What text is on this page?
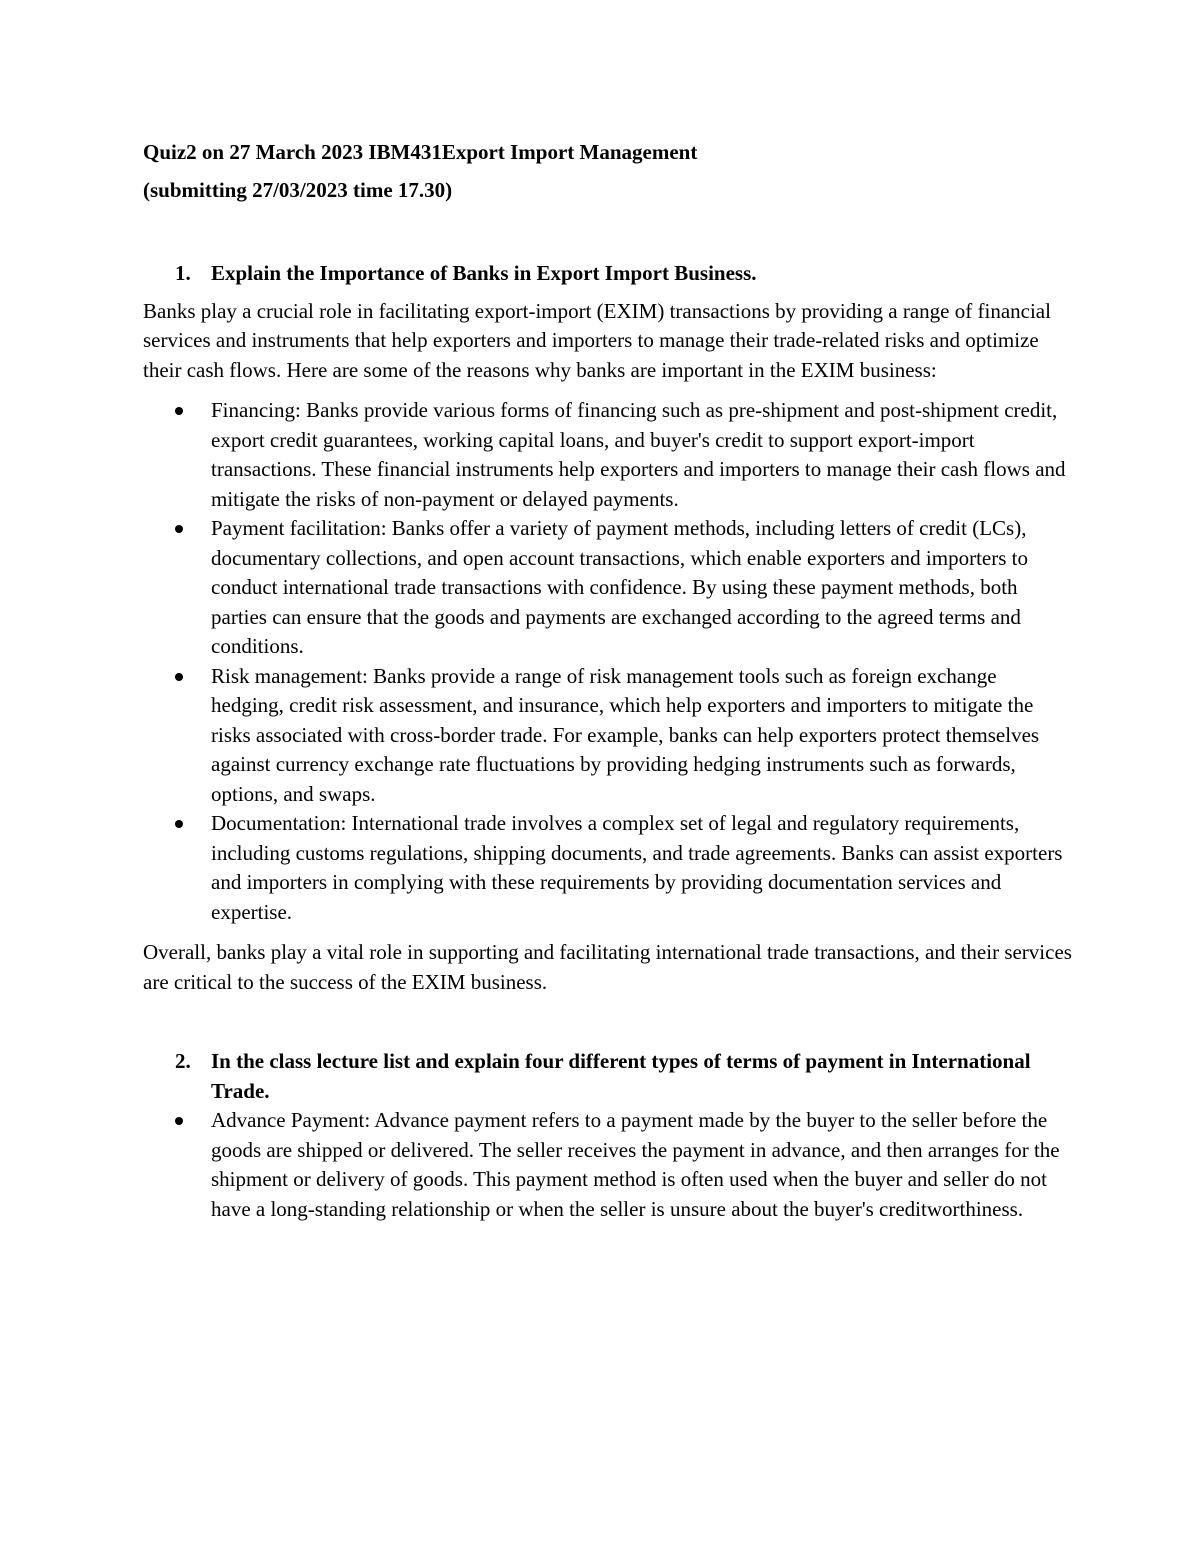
Quiz2 on 27 March 2023 IBM431Export Import Management

(submitting 27/03/2023 time 17.30)

1. Explain the Importance of Banks in Export Import Business.

Banks play a crucial role in facilitating export-import (EXIM) transactions by providing a range of financial services and instruments that help exporters and importers to manage their trade-related risks and optimize their cash flows. Here are some of the reasons why banks are important in the EXIM business:

Financing: Banks provide various forms of financing such as pre-shipment and post-shipment credit, export credit guarantees, working capital loans, and buyer's credit to support export-import transactions. These financial instruments help exporters and importers to manage their cash flows and mitigate the risks of non-payment or delayed payments.
Payment facilitation: Banks offer a variety of payment methods, including letters of credit (LCs), documentary collections, and open account transactions, which enable exporters and importers to conduct international trade transactions with confidence. By using these payment methods, both parties can ensure that the goods and payments are exchanged according to the agreed terms and conditions.
Risk management: Banks provide a range of risk management tools such as foreign exchange hedging, credit risk assessment, and insurance, which help exporters and importers to mitigate the risks associated with cross-border trade. For example, banks can help exporters protect themselves against currency exchange rate fluctuations by providing hedging instruments such as forwards, options, and swaps.
Documentation: International trade involves a complex set of legal and regulatory requirements, including customs regulations, shipping documents, and trade agreements. Banks can assist exporters and importers in complying with these requirements by providing documentation services and expertise.

Overall, banks play a vital role in supporting and facilitating international trade transactions, and their services are critical to the success of the EXIM business.

2. In the class lecture list and explain four different types of terms of payment in International Trade.
Advance Payment: Advance payment refers to a payment made by the buyer to the seller before the goods are shipped or delivered. The seller receives the payment in advance, and then arranges for the shipment or delivery of goods. This payment method is often used when the buyer and seller do not have a long-standing relationship or when the seller is unsure about the buyer's creditworthiness.
